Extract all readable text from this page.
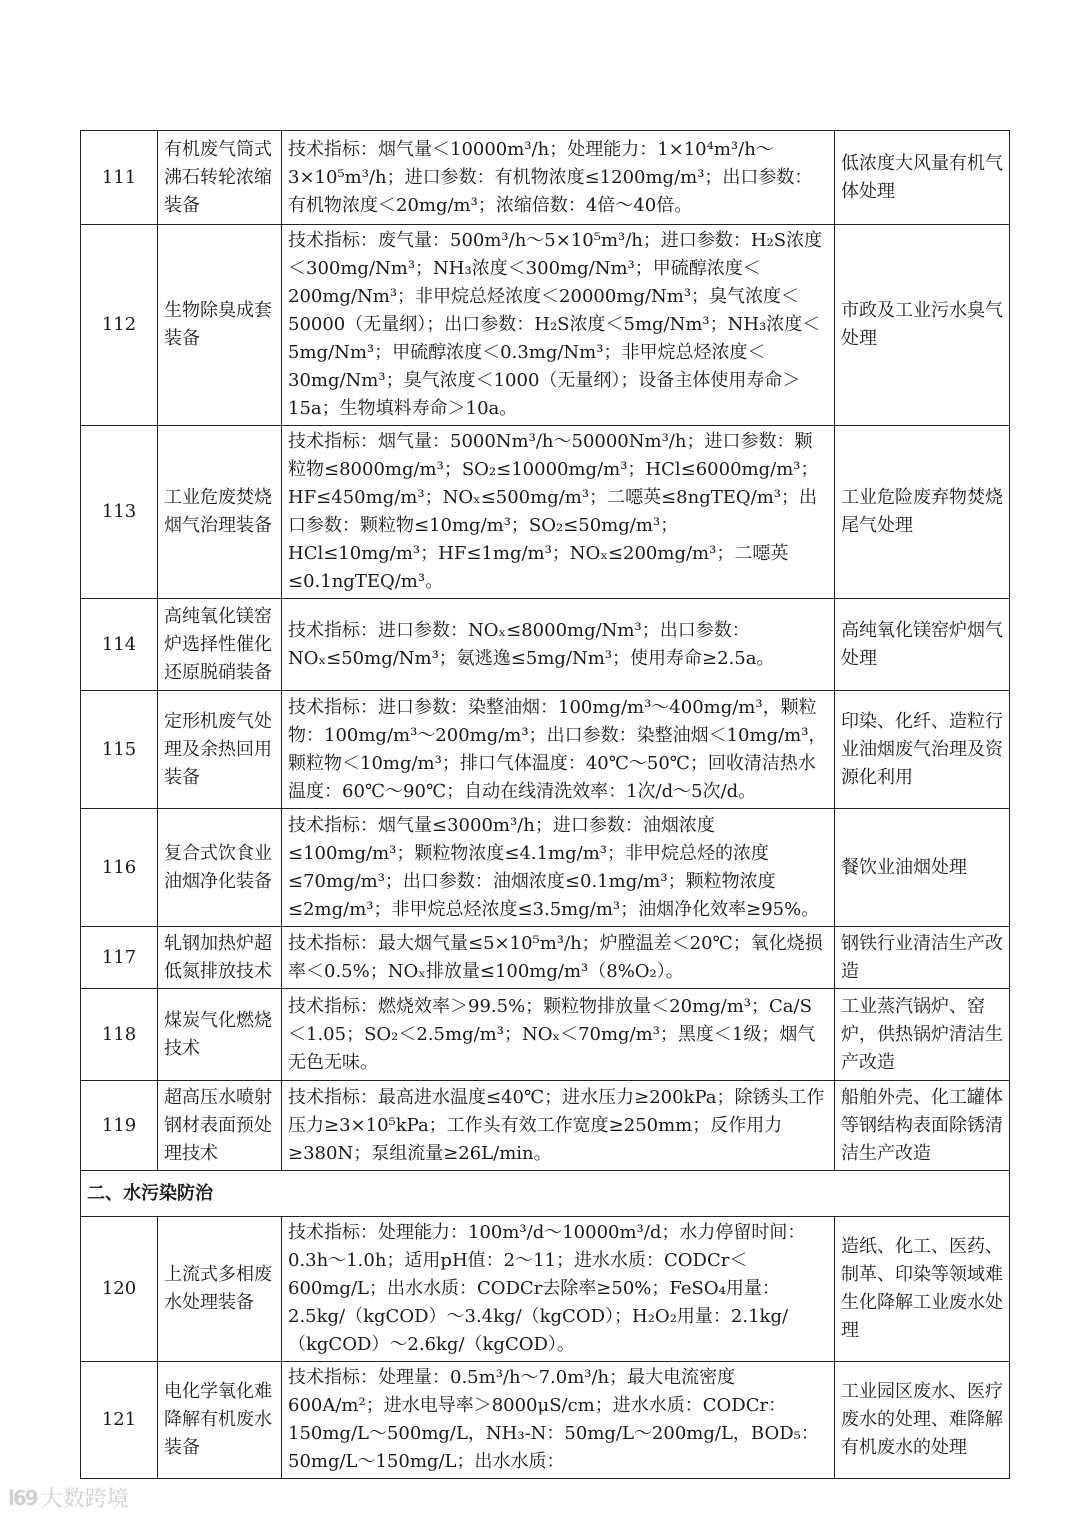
111	有机废气筒式沸石转轮浓缩装备	技术指标：烟气量＜10000m³/h；处理能力：1×10⁴m³/h～3×10⁵m³/h；进口参数：有机物浓度≤1200mg/m³；出口参数：有机物浓度＜20mg/m³；浓缩倍数：4倍～40倍。	低浓度大风量有机气体处理
112	生物除臭成套装备	技术指标：废气量：500m³/h～5×10⁵m³/h；进口参数：H₂S浓度＜300mg/Nm³；NH₃浓度＜300mg/Nm³；甲硫醇浓度＜200mg/Nm³；非甲烷总烃浓度＜20000mg/Nm³；臭气浓度＜50000（无量纲）；出口参数：H₂S浓度＜5mg/Nm³；NH₃浓度＜5mg/Nm³；甲硫醇浓度＜0.3mg/Nm³；非甲烷总烃浓度＜30mg/Nm³；臭气浓度＜1000（无量纲）；设备主体使用寿命＞15a；生物填料寿命＞10a。	市政及工业污水臭气处理
113	工业危废焚烧烟气治理装备	技术指标：烟气量：5000Nm³/h～50000Nm³/h；进口参数：颗粒物≤8000mg/m³；SO₂≤10000mg/m³；HCl≤6000mg/m³；HF≤450mg/m³；NOₓ≤500mg/m³；二噁英≤8ngTEQ/m³；出口参数：颗粒物≤10mg/m³；SO₂≤50mg/m³；HCl≤10mg/m³；HF≤1mg/m³；NOₓ≤200mg/m³；二噁英≤0.1ngTEQ/m³。	工业危险废弃物焚烧尾气处理
114	高纯氧化镁窑炉选择性催化还原脱硝装备	技术指标：进口参数：NOₓ≤8000mg/Nm³；出口参数：NOₓ≤50mg/Nm³；氨逃逸≤5mg/Nm³；使用寿命≥2.5a。	高纯氧化镁窑炉烟气处理
115	定形机废气处理及余热回用装备	技术指标：进口参数：染整油烟：100mg/m³～400mg/m³，颗粒物：100mg/m³～200mg/m³；出口参数：染整油烟＜10mg/m³，颗粒物＜10mg/m³；排口气体温度：40℃～50℃；回收清洁热水温度：60℃～90℃；自动在线清洗效率：1次/d～5次/d。	印染、化纤、造粒行业油烟废气治理及资源化利用
116	复合式饮食业油烟净化装备	技术指标：烟气量≤3000m³/h；进口参数：油烟浓度≤100mg/m³；颗粒物浓度≤4.1mg/m³；非甲烷总烃的浓度≤70mg/m³；出口参数：油烟浓度≤0.1mg/m³；颗粒物浓度≤2mg/m³；非甲烷总烃浓度≤3.5mg/m³；油烟净化效率≥95%。	餐饮业油烟处理
117	轧钢加热炉超低氮排放技术	技术指标：最大烟气量≤5×10⁵m³/h；炉膛温差＜20℃；氧化烧损率＜0.5%；NOₓ排放量≤100mg/m³（8%O₂）。	钢铁行业清洁生产改造
118	煤炭气化燃烧技术	技术指标：燃烧效率＞99.5%；颗粒物排放量＜20mg/m³；Ca/S＜1.05；SO₂＜2.5mg/m³；NOₓ＜70mg/m³；黑度＜1级；烟气无色无味。	工业蒸汽锅炉、窑炉，供热锅炉清洁生产改造
119	超高压水喷射钢材表面预处理技术	技术指标：最高进水温度≤40℃；进水压力≥200kPa；除锈头工作压力≥3×10⁵kPa；工作头有效工作宽度≥250mm；反作用力≥380N；泵组流量≥26L/min。	船舶外壳、化工罐体等钢结构表面除锈清洁生产改造
二、水污染防治			
120	上流式多相废水处理装备	技术指标：处理能力：100m³/d～10000m³/d；水力停留时间：0.3h～1.0h；适用pH值：2～11；进水水质：CODCr＜600mg/L；出水水质：CODCr去除率≥50%；FeSO₄用量：2.5kg/（kgCOD）～3.4kg/（kgCOD）；H₂O₂用量：2.1kg/（kgCOD）～2.6kg/（kgCOD）。	造纸、化工、医药、制革、印染等领域难生化降解工业废水处理
121	电化学氧化难降解有机废水装备	技术指标：处理量：0.5m³/h～7.0m³/h；最大电流密度600A/m²；进水电导率＞8000μS/cm；进水水质：CODCr：150mg/L～500mg/L，NH₃-N：50mg/L～200mg/L，BOD₅：50mg/L～150mg/L；出水水质：	工业园区废水、医疗废水的处理、难降解有机废水的处理
l69 大数跨境
